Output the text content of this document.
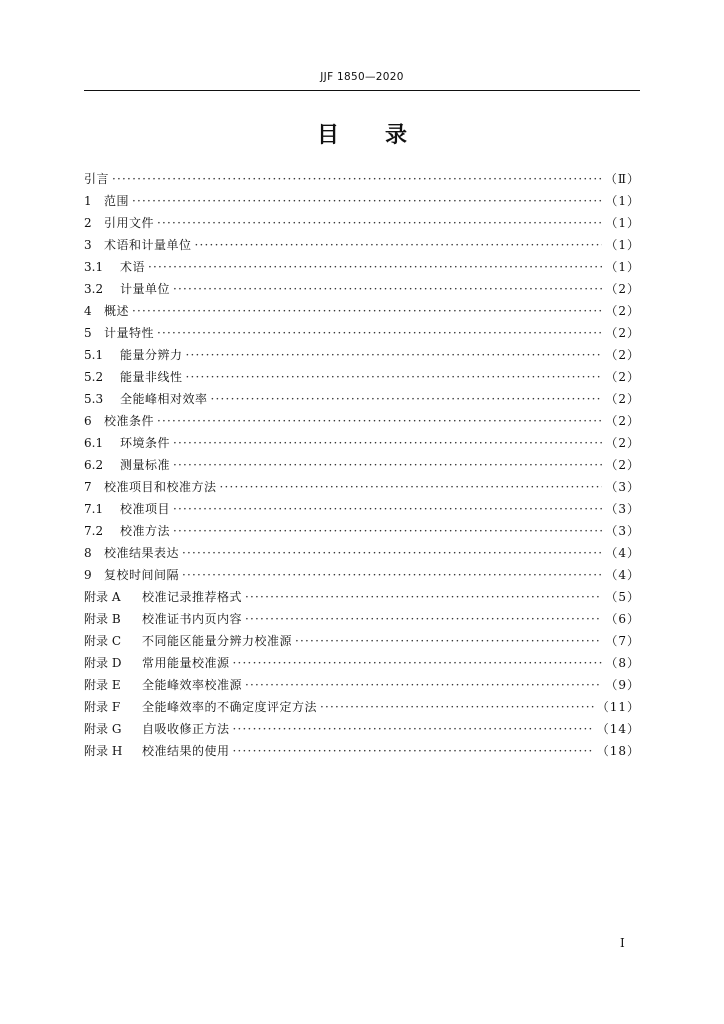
JJF 1850—2020
目 录
引言 ·····	（Ⅱ）
1	范围 ·····	（1）
2	引用文件 ·····	（1）
3	术语和计量单位 ·····	（1）
3.1	术语 ·····	（1）
3.2	计量单位 ·····	（2）
4	概述 ·····	（2）
5	计量特性 ·····	（2）
5.1	能量分辨力 ·····	（2）
5.2	能量非线性 ·····	（2）
5.3	全能峰相对效率 ·····	（2）
6	校准条件 ·····	（2）
6.1	环境条件 ·····	（2）
6.2	测量标准 ·····	（2）
7	校准项目和校准方法 ·····	（3）
7.1	校准项目 ·····	（3）
7.2	校准方法 ·····	（3）
8	校准结果表达 ·····	（4）
9	复校时间间隔 ·····	（4）
附录 A	校准记录推荐格式 ·····	（5）
附录 B	校准证书内页内容 ·····	（6）
附录 C	不同能区能量分辨力校准源 ·····	（7）
附录 D	常用能量校准源 ·····	（8）
附录 E	全能峰效率校准源 ·····	（9）
附录 F	全能峰效率的不确定度评定方法 ·····	（11）
附录 G	自吸收修正方法 ·····	（14）
附录 H	校准结果的使用 ·····	（18）
I
